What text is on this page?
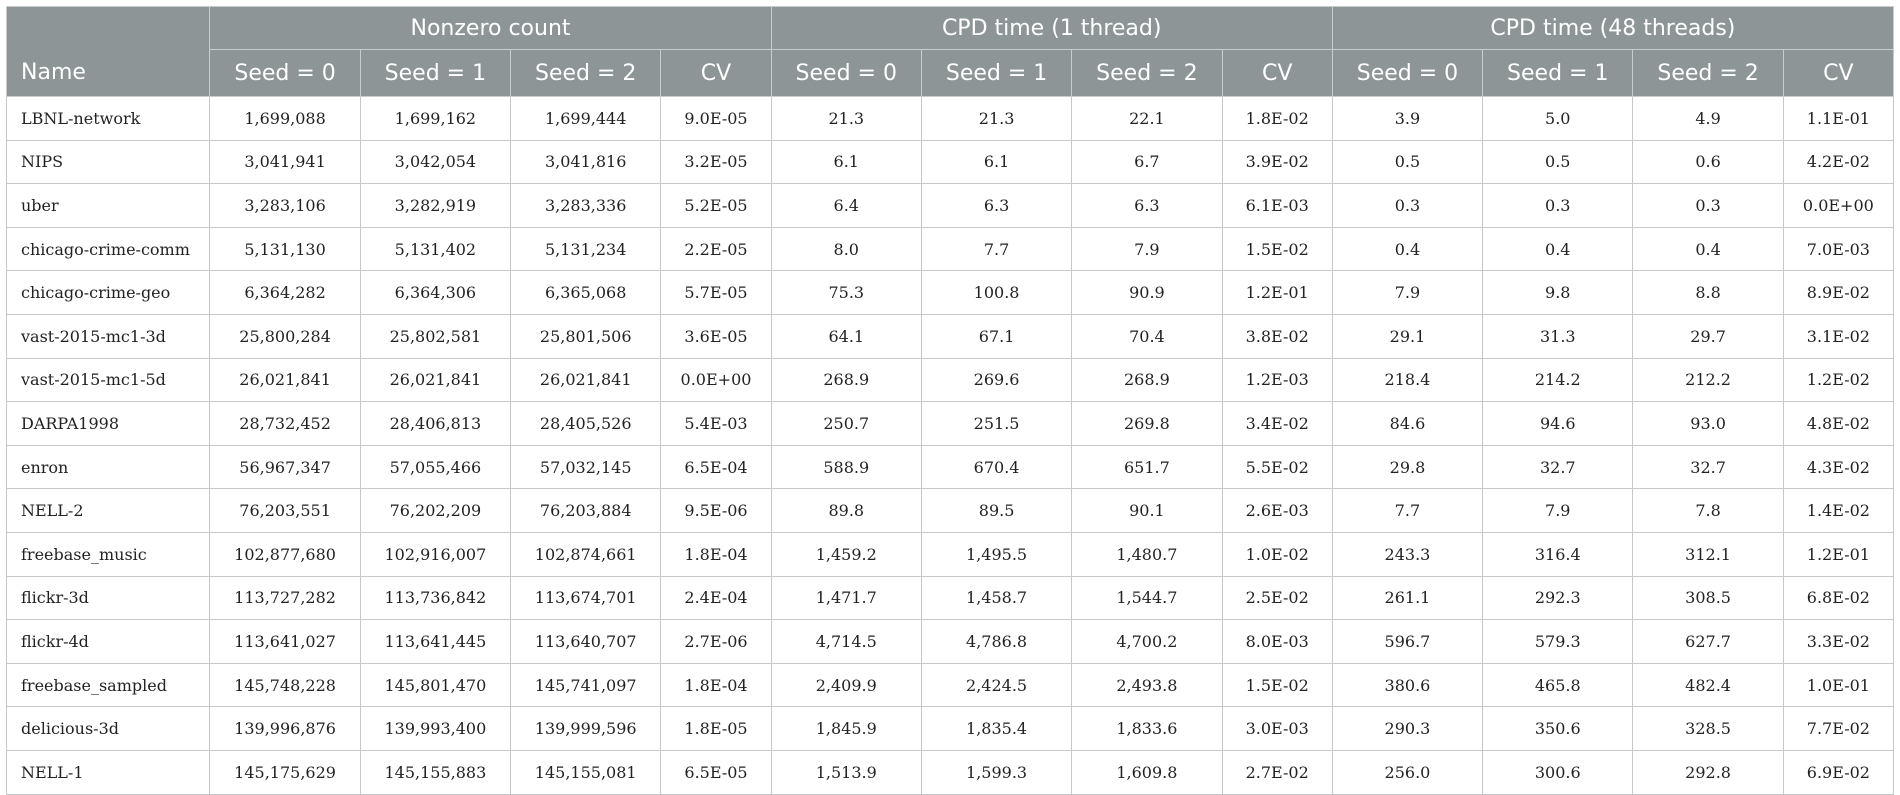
	Nonzero count				CPD time (1 thread)				CPD time (48 threads)			
Name	Seed = 0	Seed = 1	Seed = 2	CV	Seed = 0	Seed = 1	Seed = 2	CV	Seed = 0	Seed = 1	Seed = 2	CV
LBNL-network	1,699,088	1,699,162	1,699,444	9.0E-05	21.3	21.3	22.1	1.8E-02	3.9	5.0	4.9	1.1E-01
NIPS	3,041,941	3,042,054	3,041,816	3.2E-05	6.1	6.1	6.7	3.9E-02	0.5	0.5	0.6	4.2E-02
uber	3,283,106	3,282,919	3,283,336	5.2E-05	6.4	6.3	6.3	6.1E-03	0.3	0.3	0.3	0.0E+00
chicago-crime-comm	5,131,130	5,131,402	5,131,234	2.2E-05	8.0	7.7	7.9	1.5E-02	0.4	0.4	0.4	7.0E-03
chicago-crime-geo	6,364,282	6,364,306	6,365,068	5.7E-05	75.3	100.8	90.9	1.2E-01	7.9	9.8	8.8	8.9E-02
vast-2015-mc1-3d	25,800,284	25,802,581	25,801,506	3.6E-05	64.1	67.1	70.4	3.8E-02	29.1	31.3	29.7	3.1E-02
vast-2015-mc1-5d	26,021,841	26,021,841	26,021,841	0.0E+00	268.9	269.6	268.9	1.2E-03	218.4	214.2	212.2	1.2E-02
DARPA1998	28,732,452	28,406,813	28,405,526	5.4E-03	250.7	251.5	269.8	3.4E-02	84.6	94.6	93.0	4.8E-02
enron	56,967,347	57,055,466	57,032,145	6.5E-04	588.9	670.4	651.7	5.5E-02	29.8	32.7	32.7	4.3E-02
NELL-2	76,203,551	76,202,209	76,203,884	9.5E-06	89.8	89.5	90.1	2.6E-03	7.7	7.9	7.8	1.4E-02
freebase_music	102,877,680	102,916,007	102,874,661	1.8E-04	1,459.2	1,495.5	1,480.7	1.0E-02	243.3	316.4	312.1	1.2E-01
flickr-3d	113,727,282	113,736,842	113,674,701	2.4E-04	1,471.7	1,458.7	1,544.7	2.5E-02	261.1	292.3	308.5	6.8E-02
flickr-4d	113,641,027	113,641,445	113,640,707	2.7E-06	4,714.5	4,786.8	4,700.2	8.0E-03	596.7	579.3	627.7	3.3E-02
freebase_sampled	145,748,228	145,801,470	145,741,097	1.8E-04	2,409.9	2,424.5	2,493.8	1.5E-02	380.6	465.8	482.4	1.0E-01
delicious-3d	139,996,876	139,993,400	139,999,596	1.8E-05	1,845.9	1,835.4	1,833.6	3.0E-03	290.3	350.6	328.5	7.7E-02
NELL-1	145,175,629	145,155,883	145,155,081	6.5E-05	1,513.9	1,599.3	1,609.8	2.7E-02	256.0	300.6	292.8	6.9E-02
